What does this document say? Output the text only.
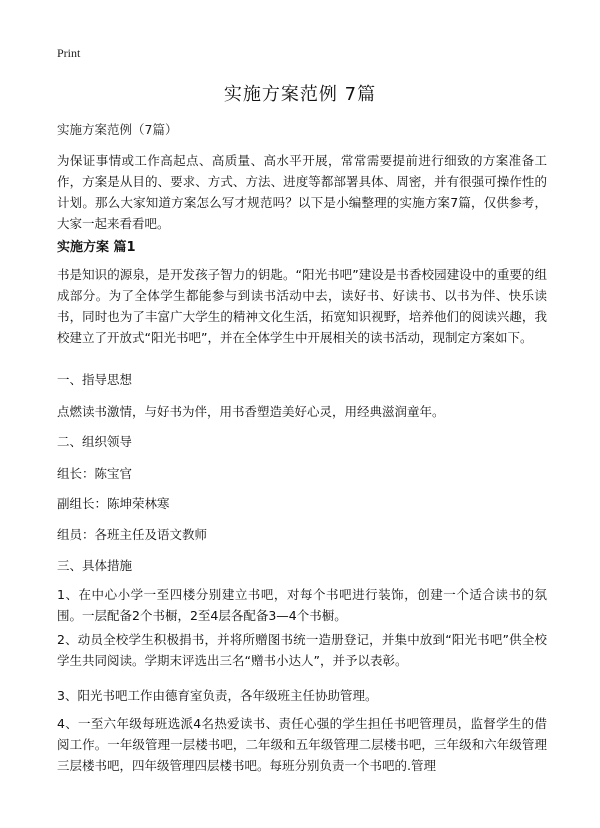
Print
实施方案范例 7篇
实施方案范例（7篇）
为保证事情或工作高起点、高质量、高水平开展，常常需要提前进行细致的方案准备工作，方案是从目的、要求、方式、方法、进度等都部署具体、周密，并有很强可操作性的计划。那么大家知道方案怎么写才规范吗？以下是小编整理的实施方案7篇，仅供参考，大家一起来看看吧。
实施方案 篇1
书是知识的源泉，是开发孩子智力的钥匙。“阳光书吧”建设是书香校园建设中的重要的组成部分。为了全体学生都能参与到读书活动中去，读好书、好读书、以书为伴、快乐读书，同时也为了丰富广大学生的精神文化生活，拓宽知识视野，培养他们的阅读兴趣，我校建立了开放式“阳光书吧”，并在全体学生中开展相关的读书活动，现制定方案如下。
一、指导思想
点燃读书激情，与好书为伴，用书香塑造美好心灵，用经典滋润童年。
二、组织领导
组长：陈宝官
副组长：陈坤荣林寒
组员：各班主任及语文教师
三、具体措施
1、在中心小学一至四楼分别建立书吧，对每个书吧进行装饰，创建一个适合读书的氛围。一层配备2个书橱，2至4层各配备3—4个书橱。
2、动员全校学生积极捐书，并将所赠图书统一造册登记，并集中放到“阳光书吧”供全校学生共同阅读。学期末评选出三名“赠书小达人”，并予以表彰。
3、阳光书吧工作由德育室负责，各年级班主任协助管理。
4、一至六年级每班选派4名热爱读书、责任心强的学生担任书吧管理员，监督学生的借阅工作。一年级管理一层楼书吧，二年级和五年级管理二层楼书吧，三年级和六年级管理三层楼书吧，四年级管理四层楼书吧。每班分别负责一个书吧的.管理
